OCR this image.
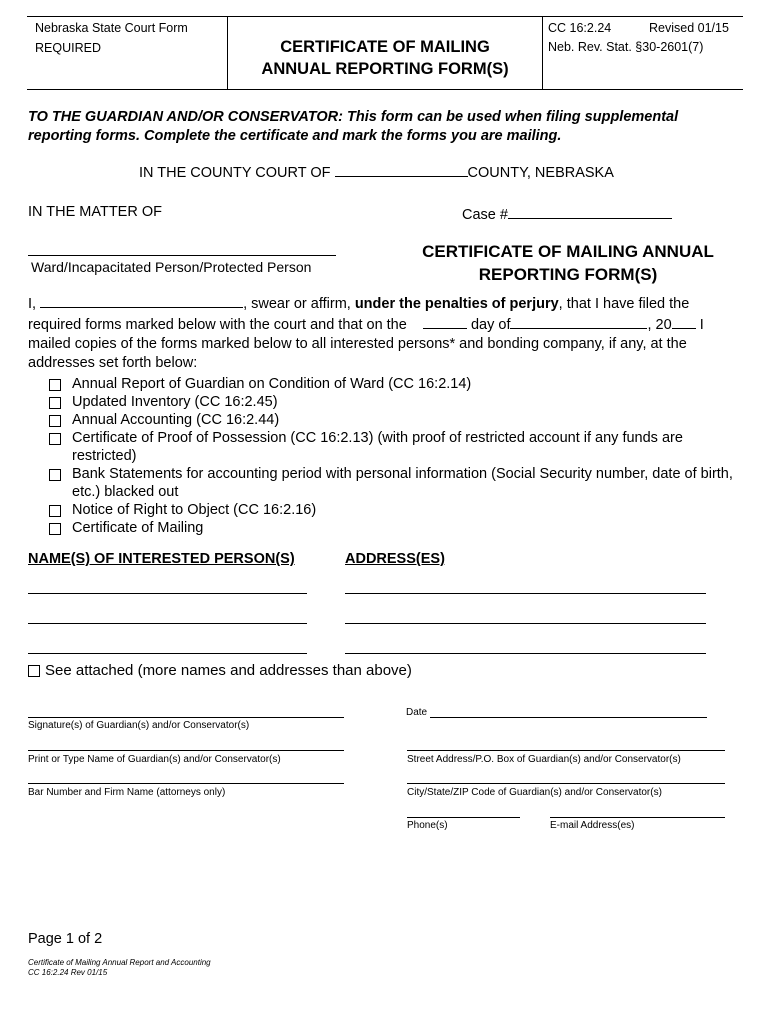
Nebraska State Court Form
REQUIRED	CERTIFICATE OF MAILING
ANNUAL REPORTING FORM(S)
CC 16:2.24	Revised 01/15
Neb. Rev. Stat. §30-2601(7)
TO THE GUARDIAN AND/OR CONSERVATOR: This form can be used when filing supplemental reporting forms. Complete the certificate and mark the forms you are mailing.
IN THE COUNTY COURT OF	COUNTY, NEBRASKA
IN THE MATTER OF	Case #
Ward/Incapacitated Person/Protected Person
CERTIFICATE OF MAILING ANNUAL
REPORTING FORM(S)

I,	, swear or affirm, under the penalties of perjury, that I have filed the

required forms marked below with the court and that on the	day of	, 20 I

mailed copies of the forms marked below to all interested persons* and bonding company, if any, at the

addresses set forth below:

Annual Report of Guardian on Condition of Ward (CC 16:2.14)
Updated Inventory (CC 16:2.45)
Annual Accounting (CC 16:2.44)
Certificate of Proof of Possession (CC 16:2.13) (with proof of restricted account if any funds are restricted)
Bank Statements for accounting period with personal information (Social Security number, date of birth, etc.) blacked out
Notice of Right to Object (CC 16:2.16)
Certificate of Mailing
NAME(S) OF INTERESTED PERSON(S)	ADDRESS(ES)
See attached (more names and addresses than above)
Date
Signature(s) of Guardian(s) and/or Conservator(s)
Print or Type Name of Guardian(s) and/or Conservator(s)	Street Address/P.O. Box of Guardian(s) and/or Conservator(s)
Bar Number and Firm Name (attorneys only)	City/State/ZIP Code of Guardian(s) and/or Conservator(s)
Phone(s)	E-mail Address(es)
Page 1 of 2
Certificate of Mailing Annual Report and Accounting
CC 16:2.24 Rev 01/15
